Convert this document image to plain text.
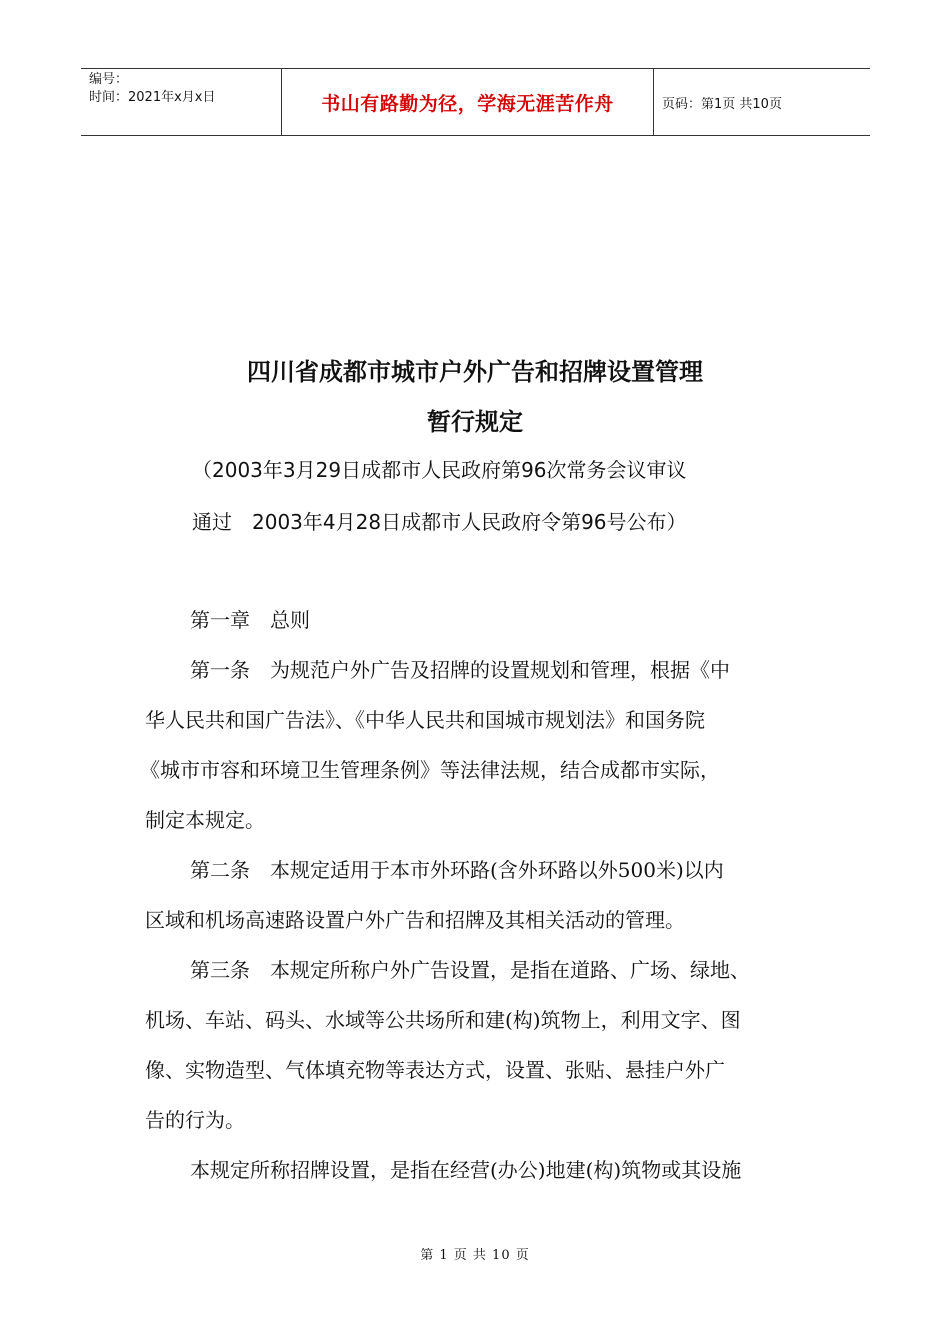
编号：
时间：2021年x月x日	书山有路勤为径，学海无涯苦作舟	页码：第1页 共10页
四川省成都市城市户外广告和招牌设置管理
暂行规定
（2003年3月29日成都市人民政府第96次常务会议审议
通过 2003年4月28日成都市人民政府令第96号公布）
第一章 总则
第一条 为规范户外广告及招牌的设置规划和管理，根据《中
华人民共和国广告法》、《中华人民共和国城市规划法》和国务院
《城市市容和环境卫生管理条例》等法律法规，结合成都市实际，
制定本规定。
第二条 本规定适用于本市外环路(含外环路以外500米)以内
区域和机场高速路设置户外广告和招牌及其相关活动的管理。
第三条 本规定所称户外广告设置，是指在道路、广场、绿地、
机场、车站、码头、水域等公共场所和建(构)筑物上，利用文字、图
像、实物造型、气体填充物等表达方式，设置、张贴、悬挂户外广
告的行为。
本规定所称招牌设置，是指在经营(办公)地建(构)筑物或其设施
第 1 页 共 10 页
